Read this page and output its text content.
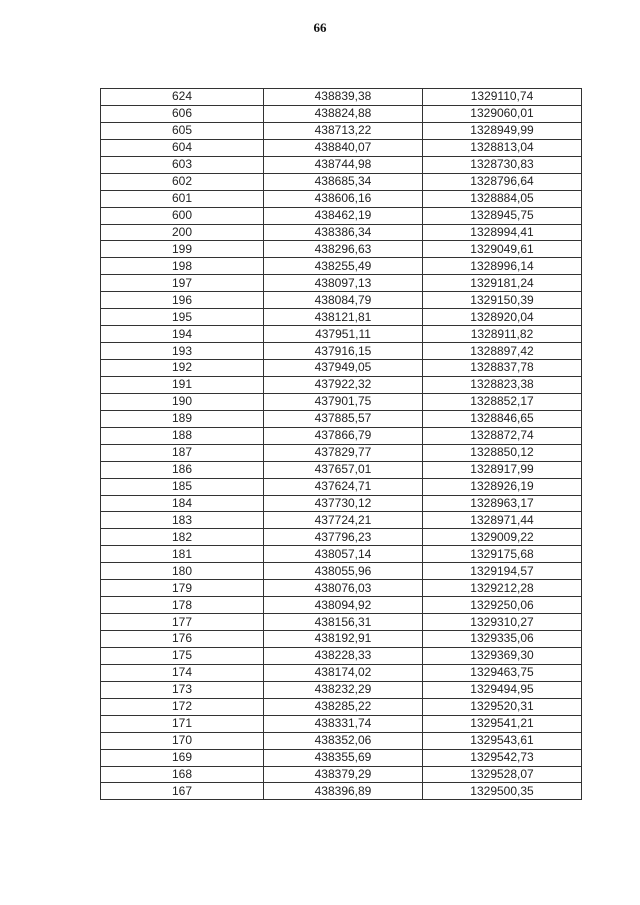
66
624	438839,38	1329110,74
606	438824,88	1329060,01
605	438713,22	1328949,99
604	438840,07	1328813,04
603	438744,98	1328730,83
602	438685,34	1328796,64
601	438606,16	1328884,05
600	438462,19	1328945,75
200	438386,34	1328994,41
199	438296,63	1329049,61
198	438255,49	1328996,14
197	438097,13	1329181,24
196	438084,79	1329150,39
195	438121,81	1328920,04
194	437951,11	1328911,82
193	437916,15	1328897,42
192	437949,05	1328837,78
191	437922,32	1328823,38
190	437901,75	1328852,17
189	437885,57	1328846,65
188	437866,79	1328872,74
187	437829,77	1328850,12
186	437657,01	1328917,99
185	437624,71	1328926,19
184	437730,12	1328963,17
183	437724,21	1328971,44
182	437796,23	1329009,22
181	438057,14	1329175,68
180	438055,96	1329194,57
179	438076,03	1329212,28
178	438094,92	1329250,06
177	438156,31	1329310,27
176	438192,91	1329335,06
175	438228,33	1329369,30
174	438174,02	1329463,75
173	438232,29	1329494,95
172	438285,22	1329520,31
171	438331,74	1329541,21
170	438352,06	1329543,61
169	438355,69	1329542,73
168	438379,29	1329528,07
167	438396,89	1329500,35
